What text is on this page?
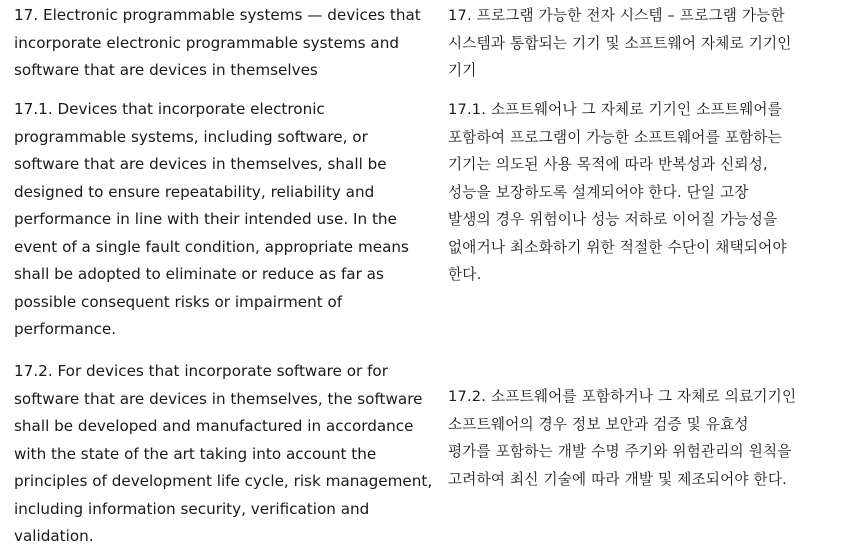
17. Electronic programmable systems — devices that
incorporate electronic programmable systems and
software that are devices in themselves

17.1. Devices that incorporate electronic
programmable systems, including software, or
software that are devices in themselves, shall be
designed to ensure repeatability, reliability and
performance in line with their intended use. In the
event of a single fault condition, appropriate means
shall be adopted to eliminate or reduce as far as
possible consequent risks or impairment of
performance.

17.2. For devices that incorporate software or for
software that are devices in themselves, the software
shall be developed and manufactured in accordance
with the state of the art taking into account the
principles of development life cycle, risk management,
including information security, verification and
validation.

17. 프로그램 가능한 전자 시스템 – 프로그램 가능한
시스템과 통합되는 기기 및 소프트웨어 자체로 기기인
기기

17.1. 소프트웨어나 그 자체로 기기인 소프트웨어를
포함하여 프로그램이 가능한 소프트웨어를 포함하는
기기는 의도된 사용 목적에 따라 반복성과 신뢰성,
성능을 보장하도록 설계되어야 한다. 단일 고장
발생의 경우 위험이나 성능 저하로 이어질 가능성을
없애거나 최소화하기 위한 적절한 수단이 채택되어야
한다.

17.2. 소프트웨어를 포함하거나 그 자체로 의료기기인
소프트웨어의 경우 정보 보안과 검증 및 유효성
평가를 포함하는 개발 수명 주기와 위험관리의 원칙을
고려하여 최신 기술에 따라 개발 및 제조되어야 한다.
